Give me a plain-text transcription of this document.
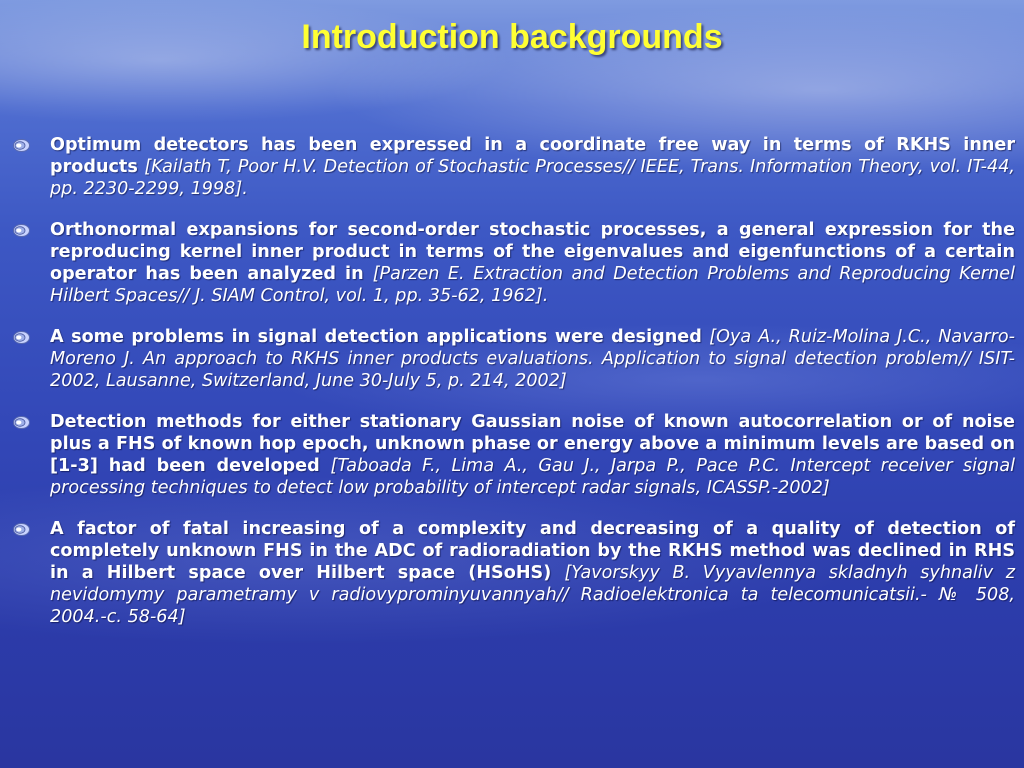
Introduction backgrounds
Optimum detectors has been expressed in a coordinate free way in terms of RKHS inner products [Kailath T, Poor H.V. Detection of Stochastic Processes// IEEE, Trans. Information Theory, vol. IT-44, pp. 2230-2299, 1998].
Orthonormal expansions for second-order stochastic processes, a general expression for the reproducing kernel inner product in terms of the eigenvalues and eigenfunctions of a certain operator has been analyzed in [Parzen E. Extraction and Detection Problems and Reproducing Kernel Hilbert Spaces// J. SIAM Control, vol. 1, pp. 35-62, 1962].
A some problems in signal detection applications were designed [Oya A., Ruiz-Molina J.C., Navarro-Moreno J. An approach to RKHS inner products evaluations. Application to signal detection problem// ISIT-2002, Lausanne, Switzerland, June 30-July 5, p. 214, 2002]
Detection methods for either stationary Gaussian noise of known autocorrelation or of noise plus a FHS of known hop epoch, unknown phase or energy above a minimum levels are based on [1-3] had been developed [Taboada F., Lima A., Gau J., Jarpa P., Pace P.C. Intercept receiver signal processing techniques to detect low probability of intercept radar signals, ICASSP.-2002]
A factor of fatal increasing of a complexity and decreasing of a quality of detection of completely unknown FHS in the ADC of radioradiation by the RKHS method was declined in RHS in a Hilbert space over Hilbert space (HSoHS) [Yavorskyy B. Vyyavlennya skladnyh syhnaliv z nevidomymy parametramy v radiovyprominyuvannyah// Radioelektronica ta telecomunicatsii.- № 508, 2004.-c. 58-64]
